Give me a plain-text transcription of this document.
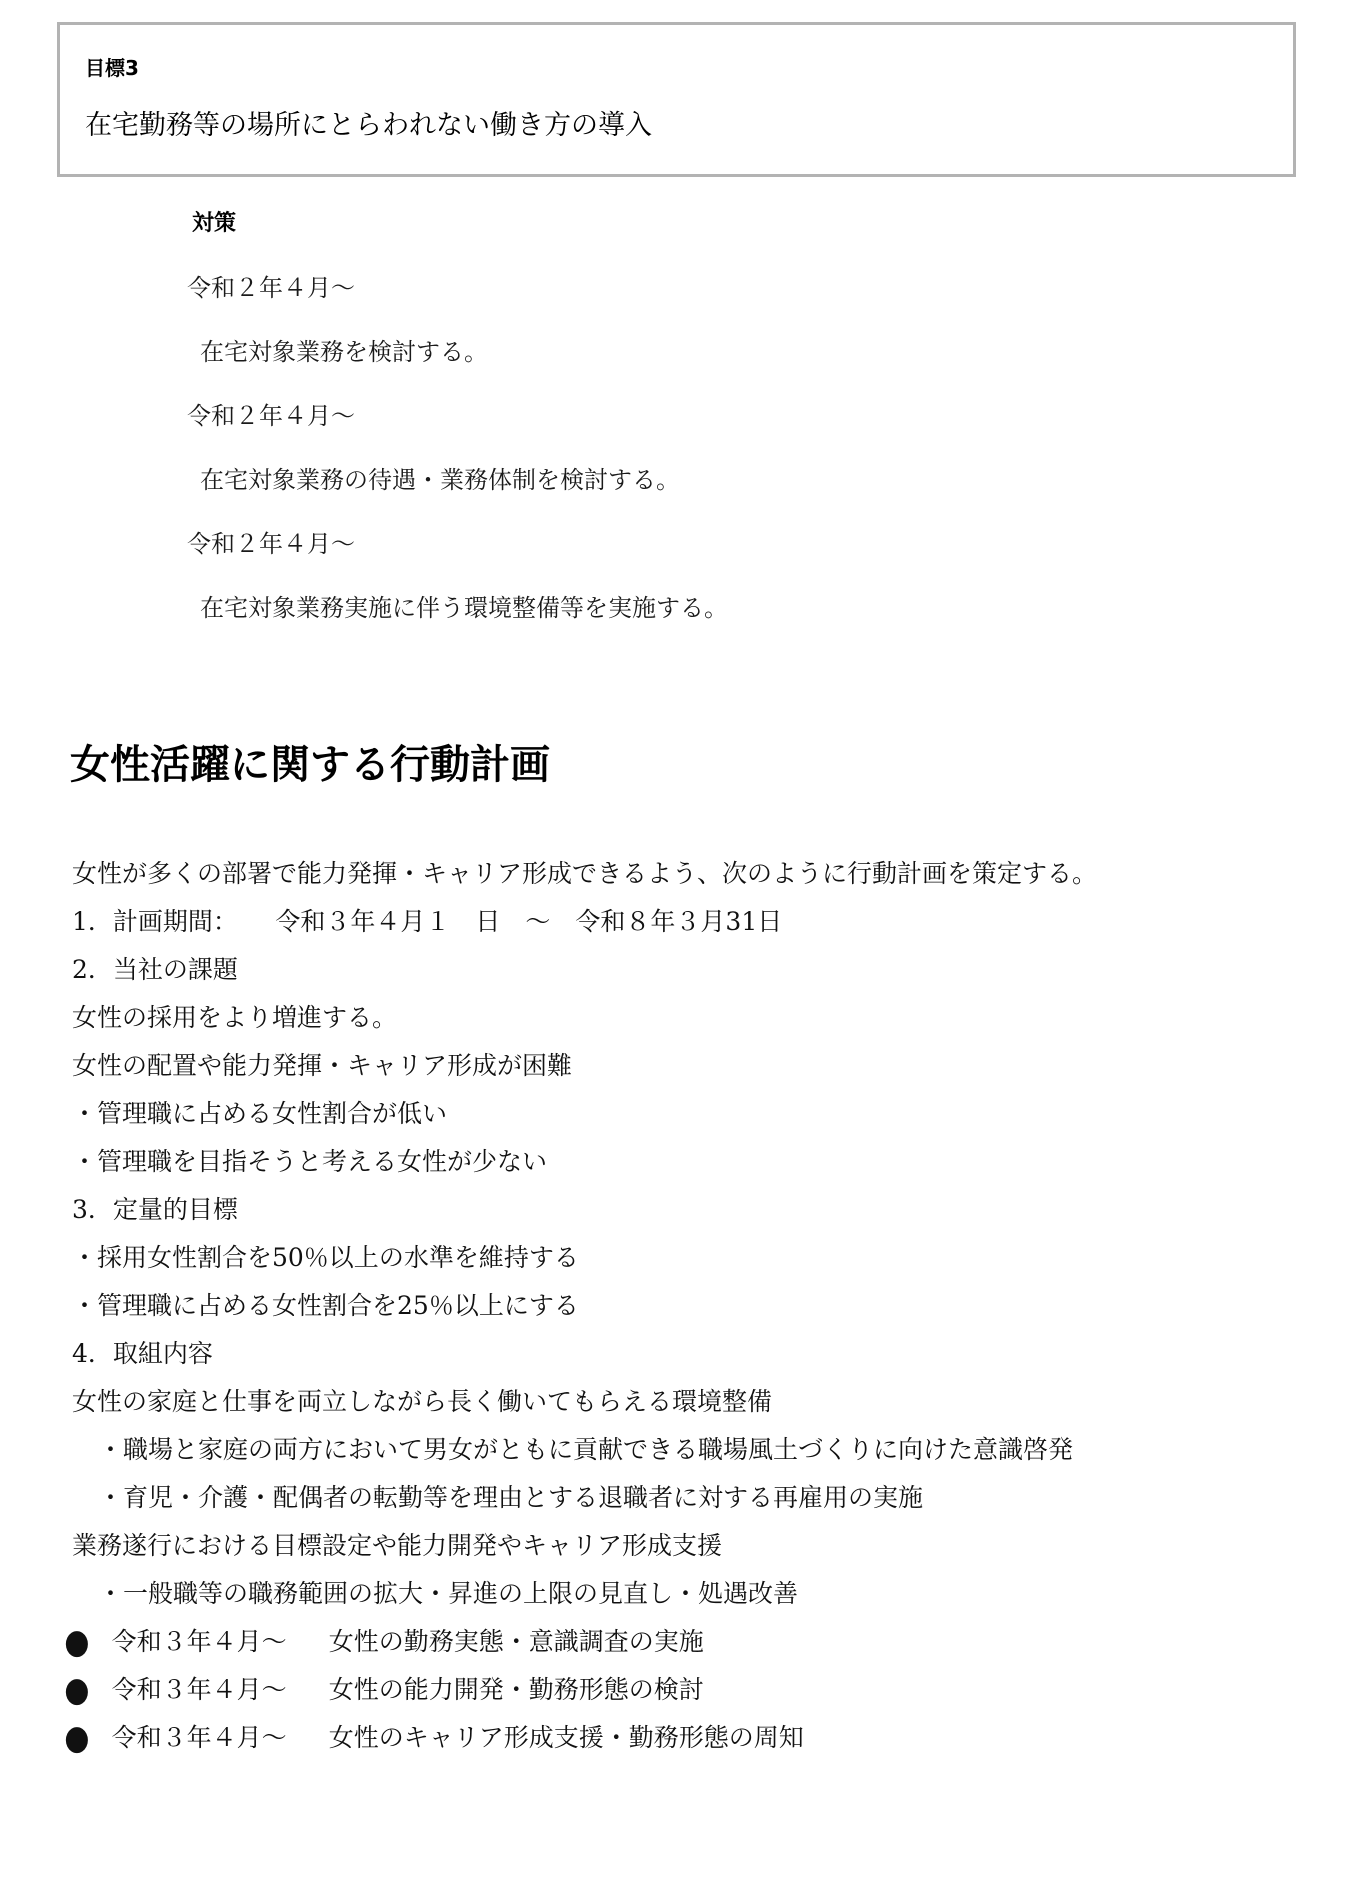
目標3

在宅勤務等の場所にとらわれない働き方の導入

対策

令和２年４月～

在宅対象業務を検討する。

令和２年４月～

在宅対象業務の待遇・業務体制を検討する。

令和２年４月～

在宅対象業務実施に伴う環境整備等を実施する。

女性活躍に関する行動計画

女性が多くの部署で能力発揮・キャリア形成できるよう、次のように行動計画を策定する。

1．計画期間：　　令和３年４月１　日　～　令和８年３月31日

2．当社の課題

女性の採用をより増進する。

女性の配置や能力発揮・キャリア形成が困難

・管理職に占める女性割合が低い

・管理職を目指そうと考える女性が少ない

3．定量的目標

・採用女性割合を50％以上の水準を維持する

・管理職に占める女性割合を25％以上にする

4．取組内容

女性の家庭と仕事を両立しながら長く働いてもらえる環境整備

・職場と家庭の両方において男女がともに貢献できる職場風土づくりに向けた意識啓発

・育児・介護・配偶者の転勤等を理由とする退職者に対する再雇用の実施

業務遂行における目標設定や能力開発やキャリア形成支援

・一般職等の職務範囲の拡大・昇進の上限の見直し・処遇改善

● 令和３年４月～ 女性の勤務実態・意識調査の実施

● 令和３年４月～ 女性の能力開発・勤務形態の検討

● 令和３年４月～ 女性のキャリア形成支援・勤務形態の周知
